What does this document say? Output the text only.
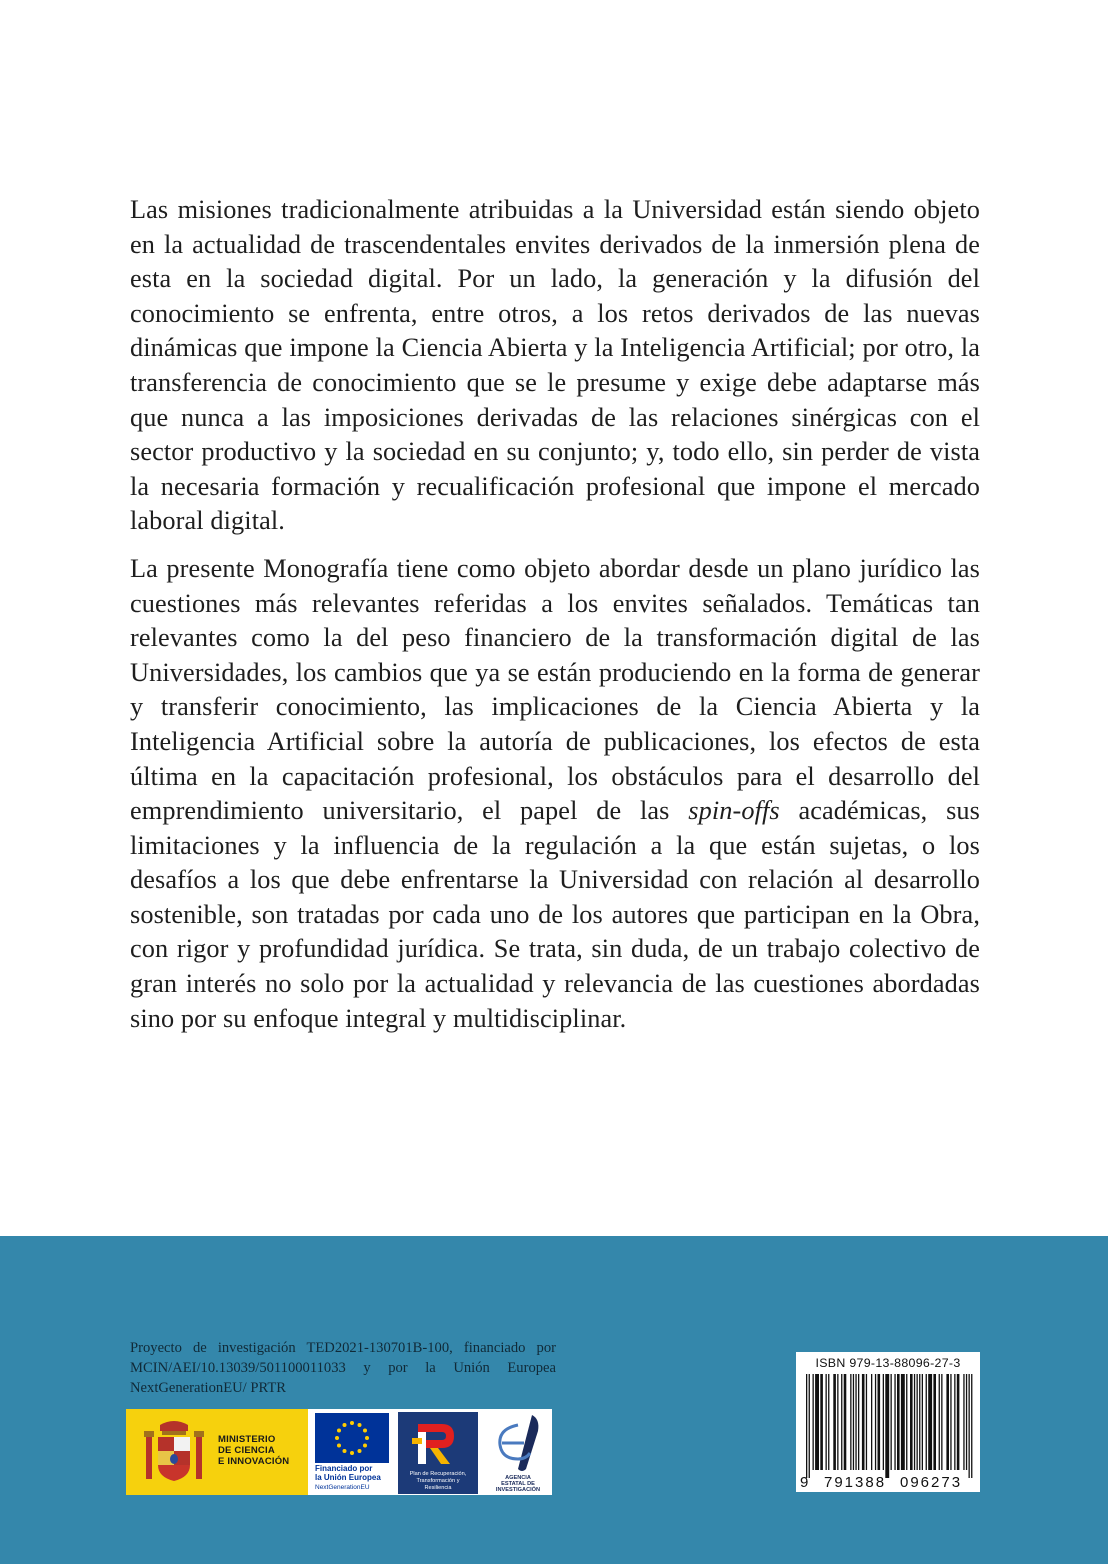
Las misiones tradicionalmente atribuidas a la Universidad están siendo objeto en la actualidad de trascendentales envites derivados de la inmersión plena de esta en la sociedad digital. Por un lado, la generación y la difusión del conocimiento se enfrenta, entre otros, a los retos derivados de las nuevas dinámicas que impone la Ciencia Abierta y la Inteligencia Artificial; por otro, la transferencia de conocimiento que se le presume y exige debe adaptarse más que nunca a las imposiciones derivadas de las relaciones sinérgicas con el sector productivo y la sociedad en su conjunto; y, todo ello, sin perder de vista la necesaria formación y recualificación profesional que impone el mercado laboral digital.

La presente Monografía tiene como objeto abordar desde un plano jurídico las cuestiones más relevantes referidas a los envites señalados. Temáticas tan relevantes como la del peso financiero de la transformación digital de las Universidades, los cambios que ya se están produciendo en la forma de generar y transferir conocimiento, las implicaciones de la Ciencia Abierta y la Inteligencia Artificial sobre la autoría de publicaciones, los efectos de esta última en la capacitación profesional, los obstáculos para el desarrollo del emprendimiento universitario, el papel de las spin-offs académicas, sus limitaciones y la influencia de la regulación a la que están sujetas, o los desafíos a los que debe enfrentarse la Universidad con relación al desarrollo sostenible, son tratadas por cada uno de los autores que participan en la Obra, con rigor y profundidad jurídica. Se trata, sin duda, de un trabajo colectivo de gran interés no solo por la actualidad y relevancia de las cuestiones abordadas sino por su enfoque integral y multidisciplinar.

Proyecto de investigación TED2021-130701B-100, financiado por MCIN/AEI/10.13039/501100011033 y por la Unión Europea NextGenerationEU/ PRTR
MINISTERIO
DE CIENCIA
E INNOVACIÓN
Financiado por
la Unión Europea
NextGenerationEU
Plan de Recuperación,
Transformación y
Resiliencia
AGENCIA
ESTATAL DE
INVESTIGACIÓN
ISBN 979-13-88096-27-3
9 791388 096273
